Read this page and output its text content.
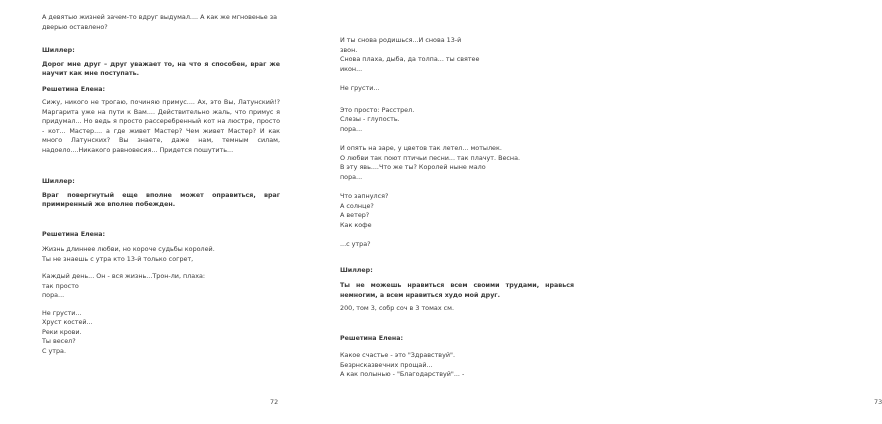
А девятью жизней зачем-то вдруг выдумал.... А как же мгновенье за дверью оставлено?

Шиллер:

Дорог мне друг – друг уважает то, на что я способен, враг же научит как мне поступать.

Решетина Елена:

Сижу, никого не трогаю, починяю примус.... Ах, это Вы, Латунский!? Маргарита уже на пути к Вам.... Действительно жаль, что примус я придумал... Но ведь я просто рассеребренный кот на люстре, просто - кот... Мастер.... а где живет Мастер? Чем живет Мастер? И как много Латунских? Вы знаете, даже нам, темным силам, надоело....Никакого равновесия... Придется пошутить...

Шиллер:

Враг повергнутый еще вполне может оправиться, враг примиренный же вполне побежден.

Решетина Елена:

Жизнь длиннее любви, но короче судьбы королей.

Ты не знаешь с утра кто 13-й только согрет,

Каждый день... Он - вся жизнь...Трон-ли, плаха:

так просто

пора...

Не грусти...

Хруст костей...

Реки крови.

Ты весел?

С утра.

72

И ты снова родишься...И снова 13-й

звон.

Снова плаха, дыба, да толпа... ты святее

икон...

Не грусти...

Это просто: Расстрел.

Слезы - глупость.

пора...

И опять на заре, у цветов так летел... мотылек.

О любви так поют птичьи песни... так плачут. Весна.

В эту явь....Что же ты? Королей ныне мало

пора...

Что запнулся?

А солнце?

А ветер?

Как кофе

...с утра?

Шиллер:

Ты не можешь нравиться всем своими трудами, нравься немногим, а всем нравиться худо мой друг.

200, том 3, собр соч в 3 томах см.

Решетина Елена:

Какое счастье - это "Здравствуй".

Безрнсказвечних прощай...

А как полынью - "Благодарствуй"... -

73
